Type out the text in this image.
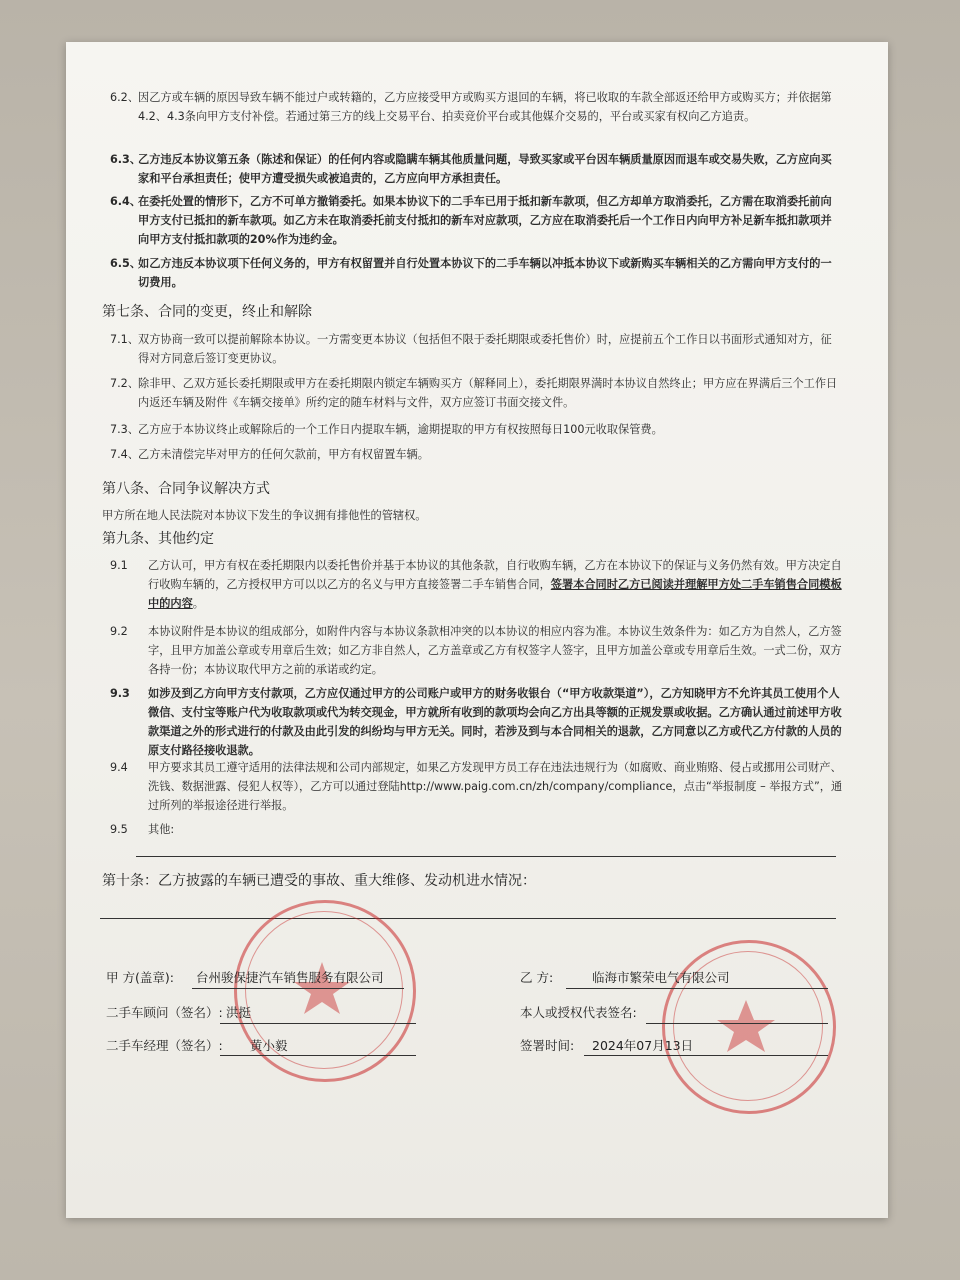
6.2、 因乙方或车辆的原因导致车辆不能过户或转籍的，乙方应接受甲方或购买方退回的车辆，将已收取的车款全部返还给甲方或购买方；并依据第4.2、4.3条向甲方支付补偿。若通过第三方的线上交易平台、拍卖竞价平台或其他媒介交易的，平台或买家有权向乙方追责。
6.3、
乙方违反本协议第五条（陈述和保证）的任何内容或隐瞒车辆其他质量问题，导致买家或平台因车辆质量原因而退车或交易失败，乙方应向买家和平台承担责任；使甲方遭受损失或被追责的，乙方应向甲方承担责任。
6.4、
在委托处置的情形下，乙方不可单方撤销委托。如果本协议下的二手车已用于抵扣新车款项，但乙方却单方取消委托，乙方需在取消委托前向甲方支付已抵扣的新车款项。如乙方未在取消委托前支付抵扣的新车对应款项，乙方应在取消委托后一个工作日内向甲方补足新车抵扣款项并向甲方支付抵扣款项的20%作为违约金。
6.5、
如乙方违反本协议项下任何义务的，甲方有权留置并自行处置本协议下的二手车辆以冲抵本协议下或新购买车辆相关的乙方需向甲方支付的一切费用。
第七条、合同的变更，终止和解除
7.1、 双方协商一致可以提前解除本协议。一方需变更本协议（包括但不限于委托期限或委托售价）时，应提前五个工作日以书面形式通知对方，征得对方同意后签订变更协议。
7.2、 除非甲、乙双方延长委托期限或甲方在委托期限内锁定车辆购买方（解释同上），委托期限界满时本协议自然终止；甲方应在界满后三个工作日内返还车辆及附件《车辆交接单》所约定的随车材料与文件，双方应签订书面交接文件。
7.3、 乙方应于本协议终止或解除后的一个工作日内提取车辆，逾期提取的甲方有权按照每日100元收取保管费。
7.4、 乙方未清偿完毕对甲方的任何欠款前，甲方有权留置车辆。
第八条、合同争议解决方式
甲方所在地人民法院对本协议下发生的争议拥有排他性的管辖权。
第九条、其他约定
9.1	乙方认可，甲方有权在委托期限内以委托售价并基于本协议的其他条款，自行收购车辆，乙方在本协议下的保证与义务仍然有效。甲方决定自行收购车辆的，乙方授权甲方可以以乙方的名义与甲方直接签署二手车销售合同，签署本合同时乙方已阅读并理解甲方处二手车销售合同模板中的内容。
9.2	本协议附件是本协议的组成部分，如附件内容与本协议条款相冲突的以本协议的相应内容为准。本协议生效条件为：如乙方为自然人，乙方签字，且甲方加盖公章或专用章后生效；如乙方非自然人，乙方盖章或乙方有权签字人签字，且甲方加盖公章或专用章后生效。一式二份，双方各持一份；本协议取代甲方之前的承诺或约定。
9.3	如涉及到乙方向甲方支付款项，乙方应仅通过甲方的公司账户或甲方的财务收银台（“甲方收款渠道”），乙方知晓甲方不允许其员工使用个人微信、支付宝等账户代为收取款项或代为转交现金，甲方就所有收到的款项均会向乙方出具等额的正规发票或收据。乙方确认通过前述甲方收款渠道之外的形式进行的付款及由此引发的纠纷均与甲方无关。同时，若涉及到与本合同相关的退款，乙方同意以乙方或代乙方付款的人员的原支付路径接收退款。
9.4	甲方要求其员工遵守适用的法律法规和公司内部规定，如果乙方发现甲方员工存在违法违规行为（如腐败、商业贿赂、侵占或挪用公司财产、洗钱、数据泄露、侵犯人权等），乙方可以通过登陆http://www.paig.com.cn/zh/company/compliance，点击“举报制度 – 举报方式”，通过所列的举报途径进行举报。
9.5	其他:
第十条：乙方披露的车辆已遭受的事故、重大维修、发动机进水情况：
甲 方(盖章): 台州骏保捷汽车销售服务有限公司
二手车顾问（签名）: 洪挺
二手车经理（签名）: 黄小毅
乙 方:	临海市繁荣电气有限公司
本人或授权代表签名:
签署时间: 2024年07月13日
